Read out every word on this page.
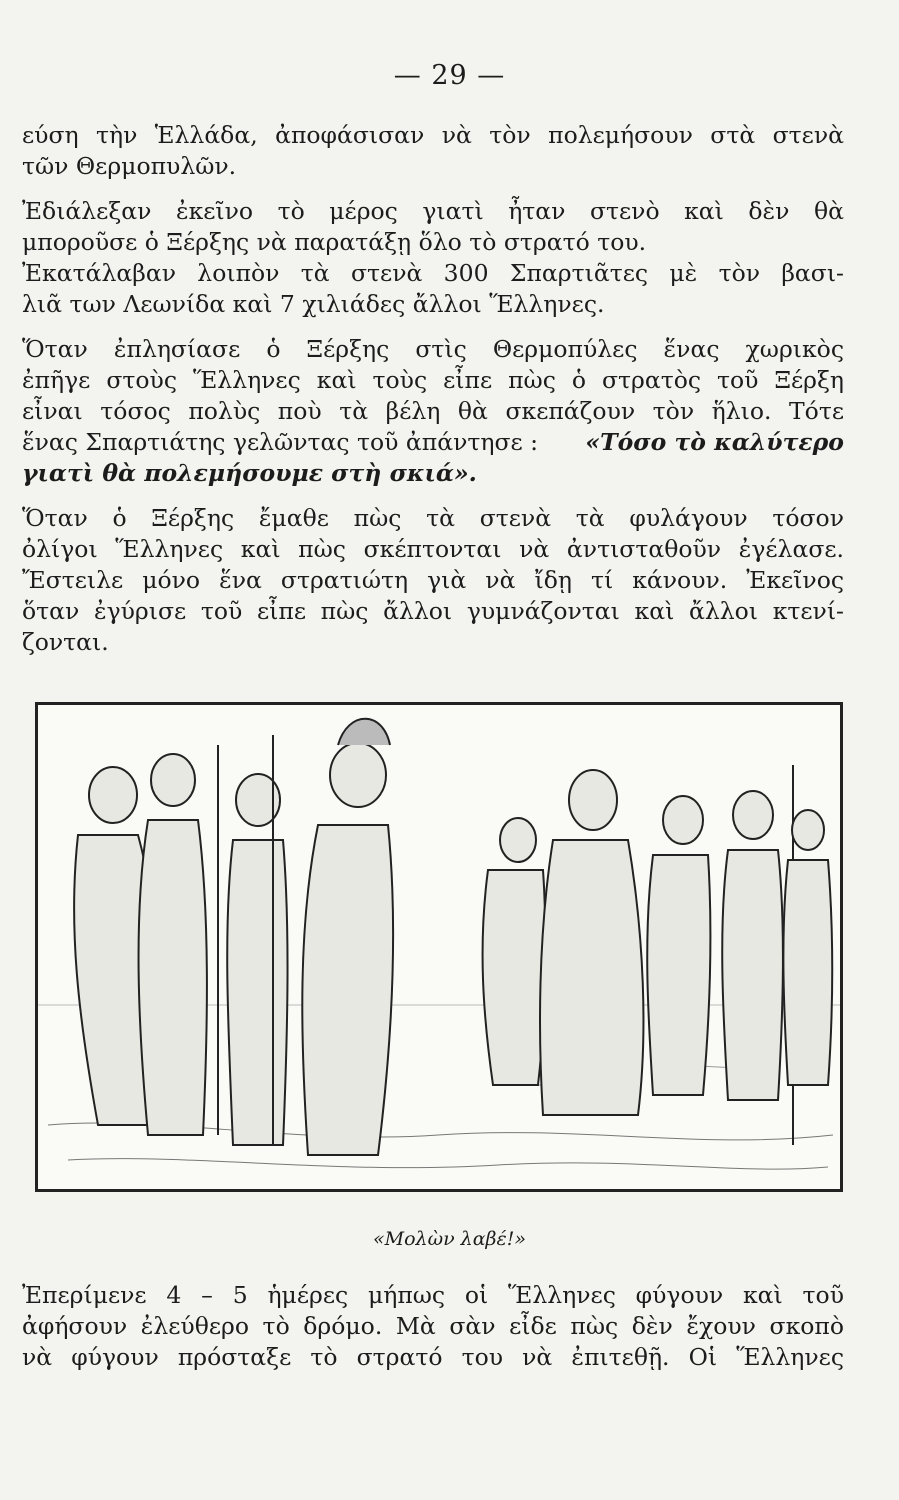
— 29 —
εύση τὴν Ἑλλάδα, ἀποφάσισαν νὰ τὸν πολεμήσουν στὰ στενὰ
τῶν Θερμοπυλῶν.
Ἐδιάλεξαν ἐκεῖνο τὸ μέρος γιατὶ ἦταν στενὸ καὶ δὲν θὰ
μποροῦσε ὁ Ξέρξης νὰ παρατάξῃ ὅλο τὸ στρατό του.
Ἐκατάλαβαν λοιπὸν τὰ στενὰ 300 Σπαρτιᾶτες μὲ τὸν βασι-
λιᾶ των Λεωνίδα καὶ 7 χιλιάδες ἄλλοι Ἕλληνες.
Ὅταν ἐπλησίασε ὁ Ξέρξης στὶς Θερμοπύλες ἕνας χωρικὸς
ἐπῆγε στοὺς Ἕλληνες καὶ τοὺς εἶπε πὼς ὁ στρατὸς τοῦ Ξέρξη
εἶναι τόσος πολὺς ποὺ τὰ βέλη θὰ σκεπάζουν τὸν ἥλιο. Τότε
ἕνας Σπαρτιάτης γελῶντας τοῦ ἀπάντησε : «Τόσο τὸ καλύτερο
γιατὶ θὰ πολεμήσουμε στὴ σκιά».
Ὅταν ὁ Ξέρξης ἔμαθε πὼς τὰ στενὰ τὰ φυλάγουν τόσον
ὀλίγοι Ἕλληνες καὶ πὼς σκέπτονται νὰ ἀντισταθοῦν ἐγέλασε.
Ἔστειλε μόνο ἕνα στρατιώτη γιὰ νὰ ἴδῃ τί κάνουν. Ἐκεῖνος
ὅταν ἐγύρισε τοῦ εἶπε πὼς ἄλλοι γυμνάζονται καὶ ἄλλοι κτενί-
ζονται.
«Μολὼν λαβέ!»
Ἐπερίμενε 4 – 5 ἡμέρες μήπως οἱ Ἕλληνες φύγουν καὶ τοῦ
ἀφήσουν ἐλεύθερο τὸ δρόμο. Μὰ σὰν εἶδε πὼς δὲν ἔχουν σκοπὸ
νὰ φύγουν πρόσταξε τὸ στρατό του νὰ ἐπιτεθῇ. Οἱ Ἕλληνες
